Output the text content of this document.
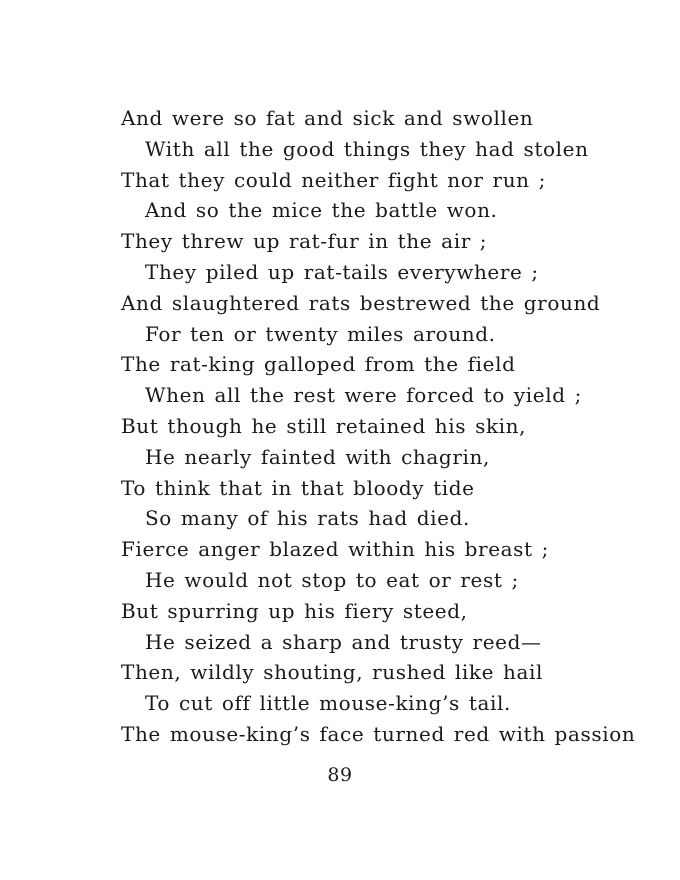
And were so fat and sick and swollen
With all the good things they had stolen
That they could neither fight nor run ;
And so the mice the battle won.
They threw up rat-fur in the air ;
They piled up rat-tails everywhere ;
And slaughtered rats bestrewed the ground
For ten or twenty miles around.
The rat-king galloped from the field
When all the rest were forced to yield ;
But though he still retained his skin,
He nearly fainted with chagrin,
To think that in that bloody tide
So many of his rats had died.
Fierce anger blazed within his breast ;
He would not stop to eat or rest ;
But spurring up his fiery steed,
He seized a sharp and trusty reed—
Then, wildly shouting, rushed like hail
To cut off little mouse-king’s tail.
The mouse-king’s face turned red with passion
89
